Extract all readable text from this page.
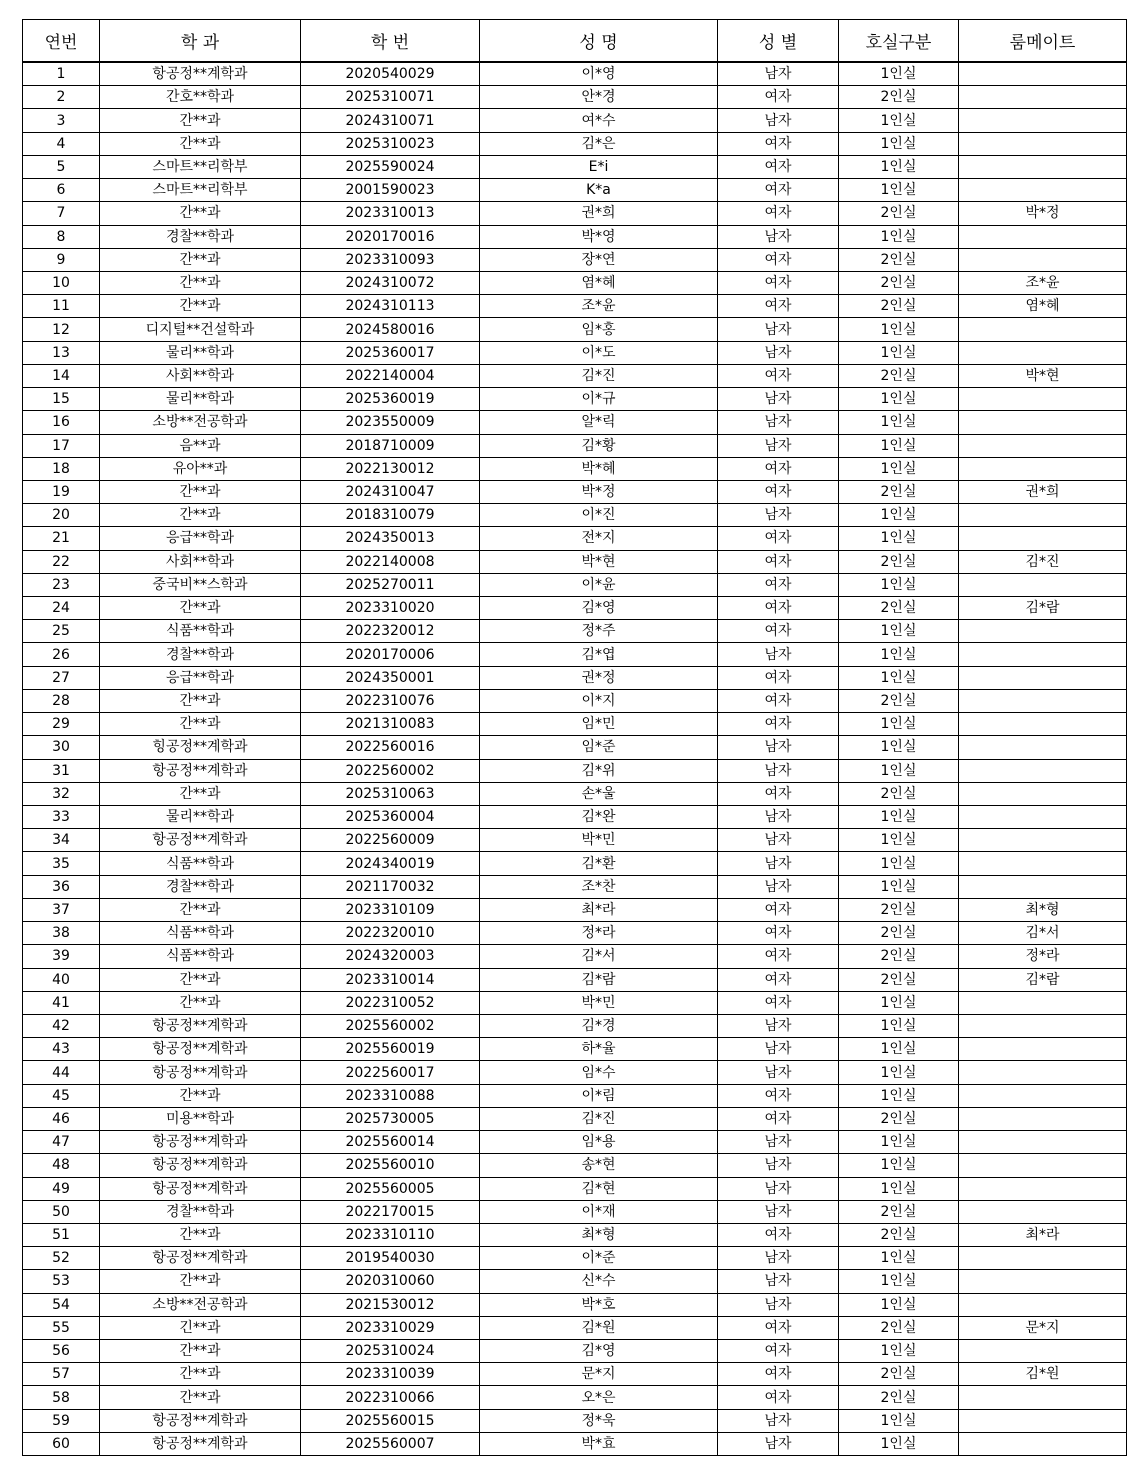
연번	학 과	학 번	성 명	성 별	호실구분	룸메이트
1	항공정**계학과	2020540029	이*영	남자	1인실	
2	간호**학과	2025310071	안*경	여자	2인실	
3	간**과	2024310071	여*수	남자	1인실	
4	간**과	2025310023	김*은	여자	1인실	
5	스마트**리학부	2025590024	E*i	여자	1인실	
6	스마트**리학부	2001590023	K*a	여자	1인실	
7	간**과	2023310013	권*희	여자	2인실	박*정
8	경찰**학과	2020170016	박*영	남자	1인실	
9	간**과	2023310093	장*연	여자	2인실	
10	간**과	2024310072	염*혜	여자	2인실	조*윤
11	간**과	2024310113	조*윤	여자	2인실	염*혜
12	디지털**건설학과	2024580016	임*홍	남자	1인실	
13	물리**학과	2025360017	이*도	남자	1인실	
14	사회**학과	2022140004	김*진	여자	2인실	박*현
15	물리**학과	2025360019	이*규	남자	1인실	
16	소방**전공학과	2023550009	알*릭	남자	1인실	
17	음**과	2018710009	김*황	남자	1인실	
18	유아**과	2022130012	박*혜	여자	1인실	
19	간**과	2024310047	박*정	여자	2인실	권*희
20	간**과	2018310079	이*진	남자	1인실	
21	응급**학과	2024350013	전*지	여자	1인실	
22	사회**학과	2022140008	박*현	여자	2인실	김*진
23	중국비**스학과	2025270011	이*윤	여자	1인실	
24	간**과	2023310020	김*영	여자	2인실	김*람
25	식품**학과	2022320012	정*주	여자	1인실	
26	경찰**학과	2020170006	김*엽	남자	1인실	
27	응급**학과	2024350001	권*정	여자	1인실	
28	간**과	2022310076	이*지	여자	2인실	
29	간**과	2021310083	임*민	여자	1인실	
30	힝공정**계학과	2022560016	임*준	남자	1인실	
31	항공정**계학과	2022560002	김*위	남자	1인실	
32	간**과	2025310063	손*울	여자	2인실	
33	물리**학과	2025360004	김*완	남자	1인실	
34	항공정**계학과	2022560009	박*민	남자	1인실	
35	식품**학과	2024340019	김*환	남자	1인실	
36	경찰**학과	2021170032	조*찬	남자	1인실	
37	간**과	2023310109	최*라	여자	2인실	최*형
38	식품**학과	2022320010	정*라	여자	2인실	김*서
39	식품**학과	2024320003	김*서	여자	2인실	정*라
40	간**과	2023310014	김*람	여자	2인실	김*람
41	간**과	2022310052	박*민	여자	1인실	
42	항공정**계학과	2025560002	김*경	남자	1인실	
43	항공정**계학과	2025560019	하*율	남자	1인실	
44	항공정**계학과	2022560017	임*수	남자	1인실	
45	간**과	2023310088	이*림	여자	1인실	
46	미용**학과	2025730005	김*진	여자	2인실	
47	항공정**계학과	2025560014	임*용	남자	1인실	
48	항공정**계학과	2025560010	송*현	남자	1인실	
49	항공정**계학과	2025560005	김*현	남자	1인실	
50	경찰**학과	2022170015	이*재	남자	2인실	
51	간**과	2023310110	최*형	여자	2인실	최*라
52	항공정**계학과	2019540030	이*준	남자	1인실	
53	간**과	2020310060	신*수	남자	1인실	
54	소방**전공학과	2021530012	박*호	남자	1인실	
55	긴**과	2023310029	김*원	여자	2인실	문*지
56	간**과	2025310024	김*영	여자	1인실	
57	간**과	2023310039	문*지	여자	2인실	김*원
58	간**과	2022310066	오*은	여자	2인실	
59	항공정**계학과	2025560015	정*욱	남자	1인실	
60	항공정**계학과	2025560007	박*효	남자	1인실	
